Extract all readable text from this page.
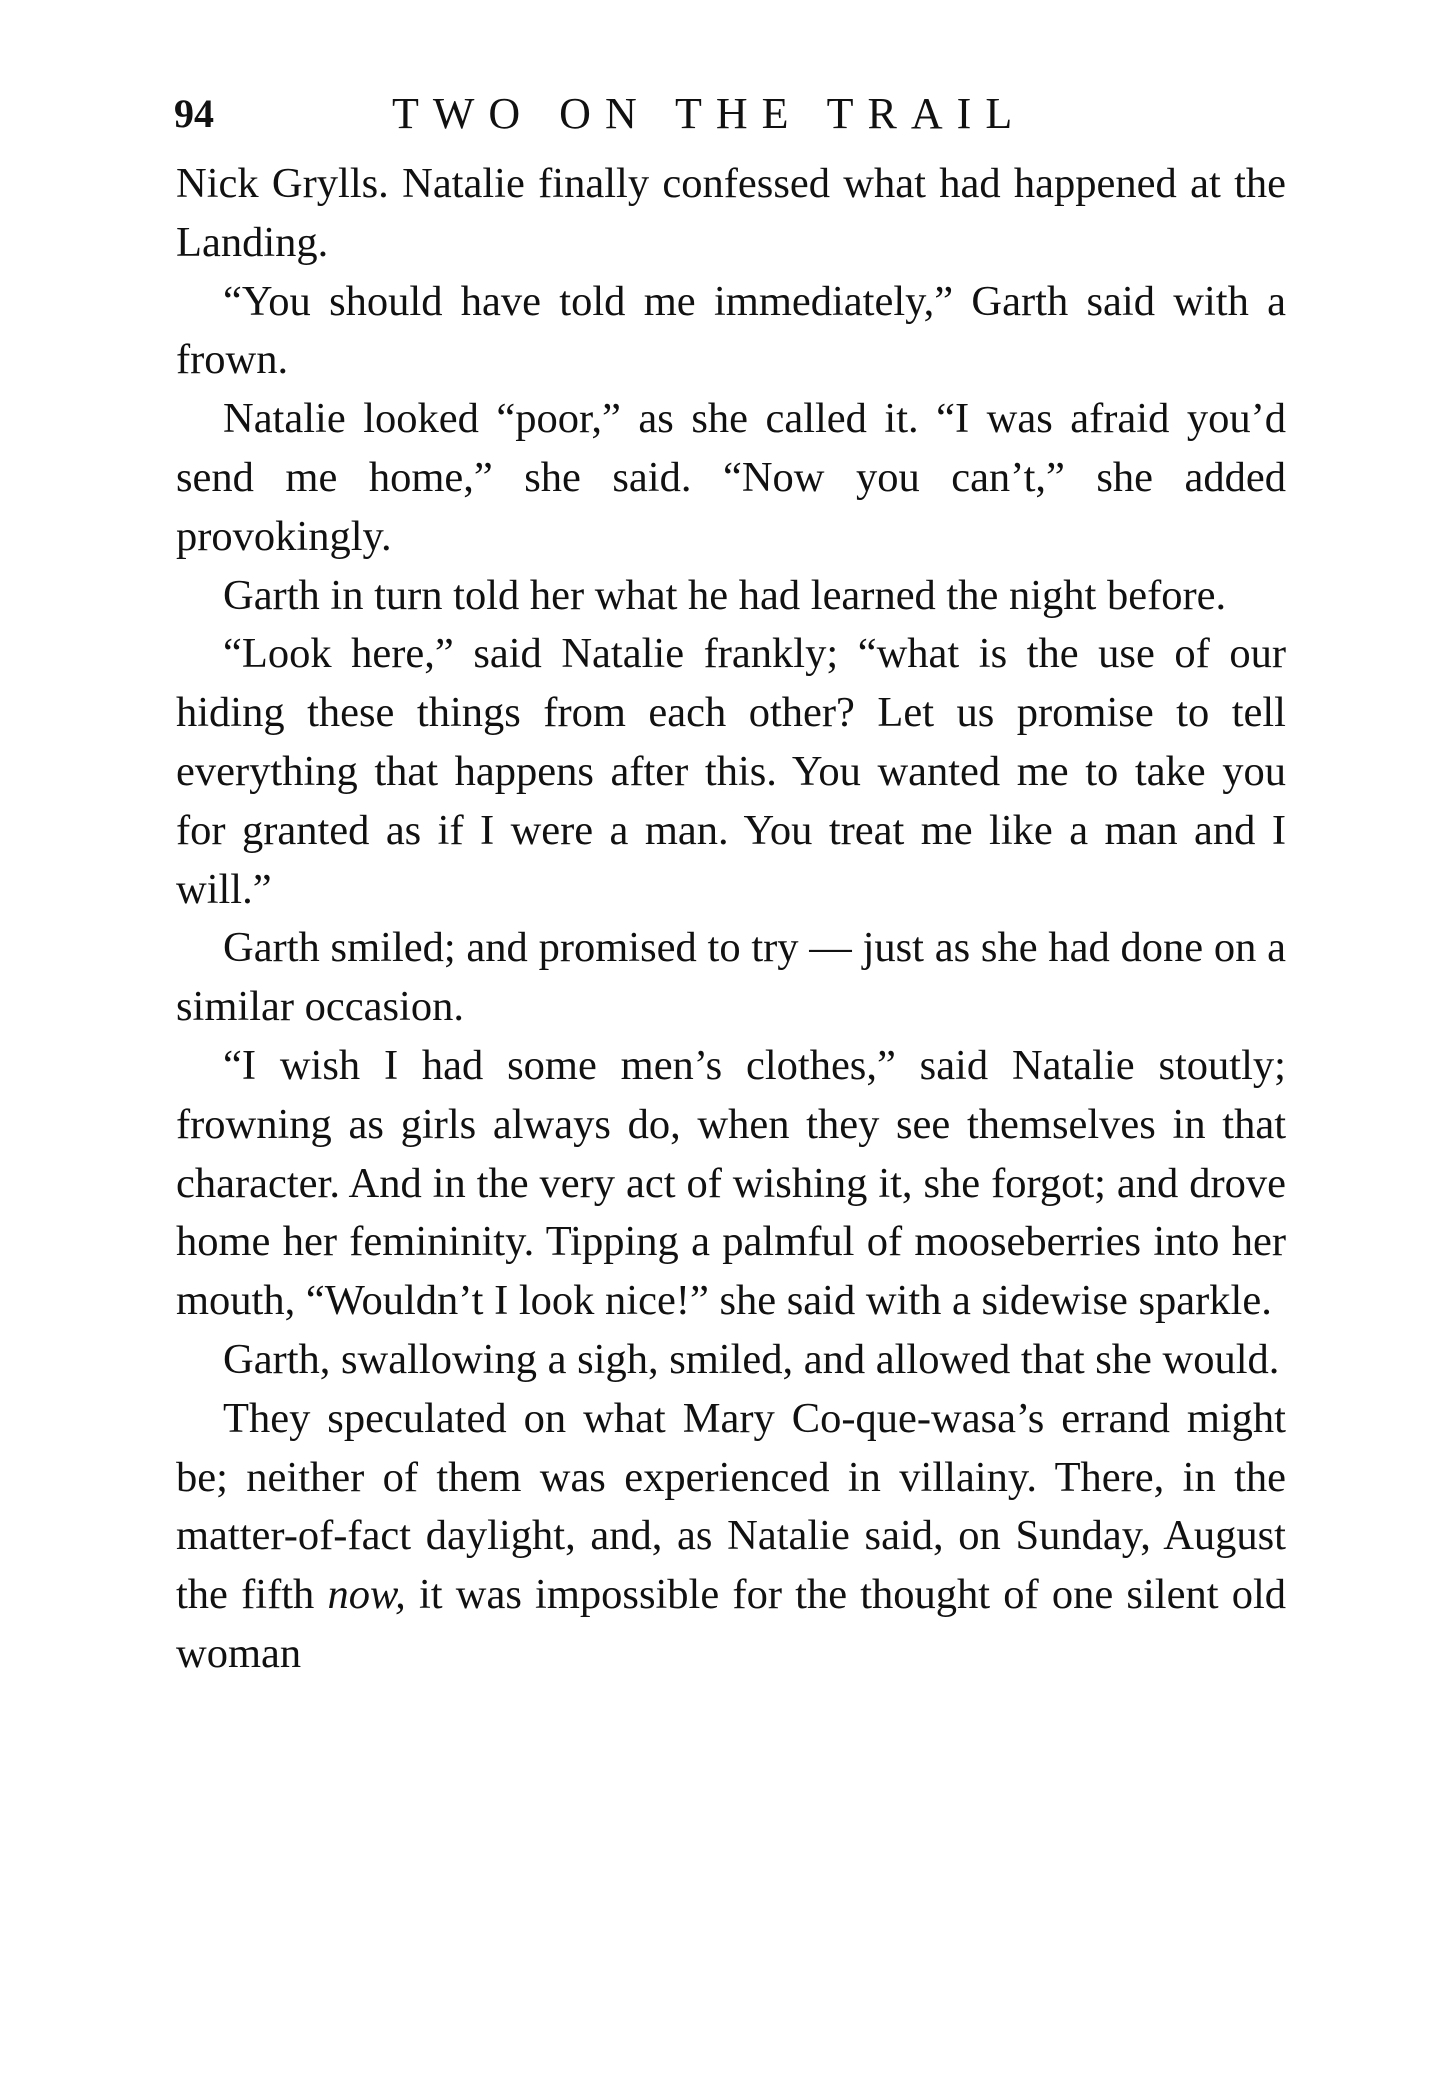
94	TWO ON THE TRAIL

Nick Grylls. Natalie finally confessed what had happened at the Landing.

“You should have told me immediately,” Garth said with a frown.

Natalie looked “poor,” as she called it. “I was afraid you’d send me home,” she said. “Now you can’t,” she added provokingly.

Garth in turn told her what he had learned the night before.

“Look here,” said Natalie frankly; “what is the use of our hiding these things from each other? Let us promise to tell everything that happens after this. You wanted me to take you for granted as if I were a man. You treat me like a man and I will.”

Garth smiled; and promised to try — just as she had done on a similar occasion.

“I wish I had some men’s clothes,” said Natalie stoutly; frowning as girls always do, when they see themselves in that character. And in the very act of wishing it, she forgot; and drove home her femininity. Tipping a palmful of mooseberries into her mouth, “Wouldn’t I look nice!” she said with a sidewise sparkle.

Garth, swallowing a sigh, smiled, and allowed that she would.

They speculated on what Mary Co-que-wasa’s errand might be; neither of them was experienced in villainy. There, in the matter-of-fact daylight, and, as Natalie said, on Sunday, August the fifth now, it was impossible for the thought of one silent old woman
